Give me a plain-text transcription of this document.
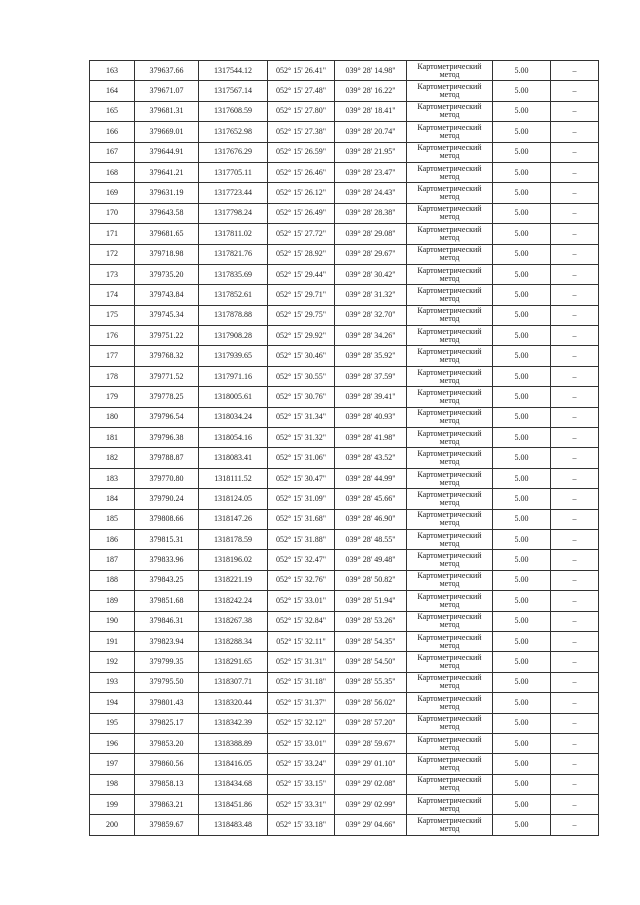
163	379637.66	1317544.12	052° 15' 26.41"	039° 28' 14.98"	Картометрический метод	5.00	–
164	379671.07	1317567.14	052° 15' 27.48"	039° 28' 16.22"	Картометрический метод	5.00	–
165	379681.31	1317608.59	052° 15' 27.80"	039° 28' 18.41"	Картометрический метод	5.00	–
166	379669.01	1317652.98	052° 15' 27.38"	039° 28' 20.74"	Картометрический метод	5.00	–
167	379644.91	1317676.29	052° 15' 26.59"	039° 28' 21.95"	Картометрический метод	5.00	–
168	379641.21	1317705.11	052° 15' 26.46"	039° 28' 23.47"	Картометрический метод	5.00	–
169	379631.19	1317723.44	052° 15' 26.12"	039° 28' 24.43"	Картометрический метод	5.00	–
170	379643.58	1317798.24	052° 15' 26.49"	039° 28' 28.38"	Картометрический метод	5.00	–
171	379681.65	1317811.02	052° 15' 27.72"	039° 28' 29.08"	Картометрический метод	5.00	–
172	379718.98	1317821.76	052° 15' 28.92"	039° 28' 29.67"	Картометрический метод	5.00	–
173	379735.20	1317835.69	052° 15' 29.44"	039° 28' 30.42"	Картометрический метод	5.00	–
174	379743.84	1317852.61	052° 15' 29.71"	039° 28' 31.32"	Картометрический метод	5.00	–
175	379745.34	1317878.88	052° 15' 29.75"	039° 28' 32.70"	Картометрический метод	5.00	–
176	379751.22	1317908.28	052° 15' 29.92"	039° 28' 34.26"	Картометрический метод	5.00	–
177	379768.32	1317939.65	052° 15' 30.46"	039° 28' 35.92"	Картометрический метод	5.00	–
178	379771.52	1317971.16	052° 15' 30.55"	039° 28' 37.59"	Картометрический метод	5.00	–
179	379778.25	1318005.61	052° 15' 30.76"	039° 28' 39.41"	Картометрический метод	5.00	–
180	379796.54	1318034.24	052° 15' 31.34"	039° 28' 40.93"	Картометрический метод	5.00	–
181	379796.38	1318054.16	052° 15' 31.32"	039° 28' 41.98"	Картометрический метод	5.00	–
182	379788.87	1318083.41	052° 15' 31.06"	039° 28' 43.52"	Картометрический метод	5.00	–
183	379770.80	1318111.52	052° 15' 30.47"	039° 28' 44.99"	Картометрический метод	5.00	–
184	379790.24	1318124.05	052° 15' 31.09"	039° 28' 45.66"	Картометрический метод	5.00	–
185	379808.66	1318147.26	052° 15' 31.68"	039° 28' 46.90"	Картометрический метод	5.00	–
186	379815.31	1318178.59	052° 15' 31.88"	039° 28' 48.55"	Картометрический метод	5.00	–
187	379833.96	1318196.02	052° 15' 32.47"	039° 28' 49.48"	Картометрический метод	5.00	–
188	379843.25	1318221.19	052° 15' 32.76"	039° 28' 50.82"	Картометрический метод	5.00	–
189	379851.68	1318242.24	052° 15' 33.01"	039° 28' 51.94"	Картометрический метод	5.00	–
190	379846.31	1318267.38	052° 15' 32.84"	039° 28' 53.26"	Картометрический метод	5.00	–
191	379823.94	1318288.34	052° 15' 32.11"	039° 28' 54.35"	Картометрический метод	5.00	–
192	379799.35	1318291.65	052° 15' 31.31"	039° 28' 54.50"	Картометрический метод	5.00	–
193	379795.50	1318307.71	052° 15' 31.18"	039° 28' 55.35"	Картометрический метод	5.00	–
194	379801.43	1318320.44	052° 15' 31.37"	039° 28' 56.02"	Картометрический метод	5.00	–
195	379825.17	1318342.39	052° 15' 32.12"	039° 28' 57.20"	Картометрический метод	5.00	–
196	379853.20	1318388.89	052° 15' 33.01"	039° 28' 59.67"	Картометрический метод	5.00	–
197	379860.56	1318416.05	052° 15' 33.24"	039° 29' 01.10"	Картометрический метод	5.00	–
198	379858.13	1318434.68	052° 15' 33.15"	039° 29' 02.08"	Картометрический метод	5.00	–
199	379863.21	1318451.86	052° 15' 33.31"	039° 29' 02.99"	Картометрический метод	5.00	–
200	379859.67	1318483.48	052° 15' 33.18"	039° 29' 04.66"	Картометрический метод	5.00	–
